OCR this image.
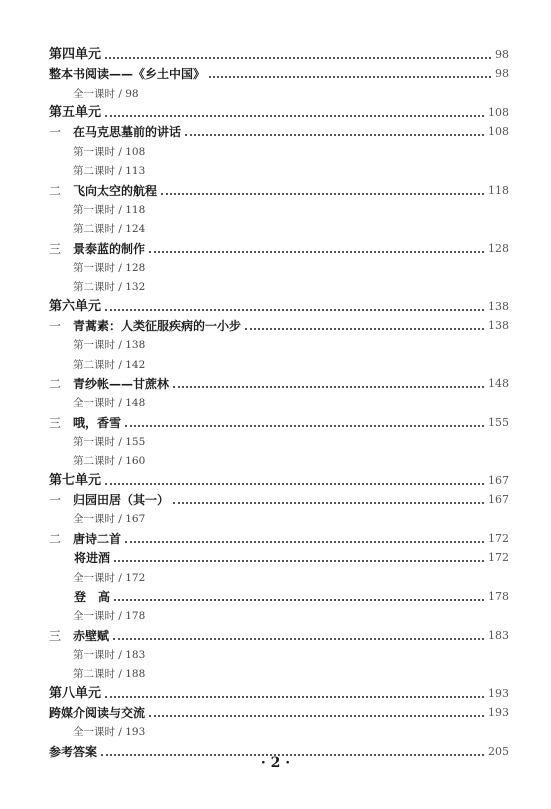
第四单元	98
整本书阅读——《乡土中国》	98
全一课时 / 98
第五单元	108
一 在马克思墓前的讲话	108
第一课时 / 108
第二课时 / 113
二 飞向太空的航程	118
第一课时 / 118
第二课时 / 124
三 景泰蓝的制作	128
第一课时 / 128
第二课时 / 132
第六单元	138
一 青蒿素：人类征服疾病的一小步	138
第一课时 / 138
第二课时 / 142
二 青纱帐——甘蔗林	148
全一课时 / 148
三 哦，香雪	155
第一课时 / 155
第二课时 / 160
第七单元	167
一 归园田居（其一）	167
全一课时 / 167
二 唐诗二首	172
将进酒	172
全一课时 / 172
登　高	178
全一课时 / 178
三 赤壁赋	183
第一课时 / 183
第二课时 / 188
第八单元	193
跨媒介阅读与交流	193
全一课时 / 193
参考答案	205
· 2 ·
